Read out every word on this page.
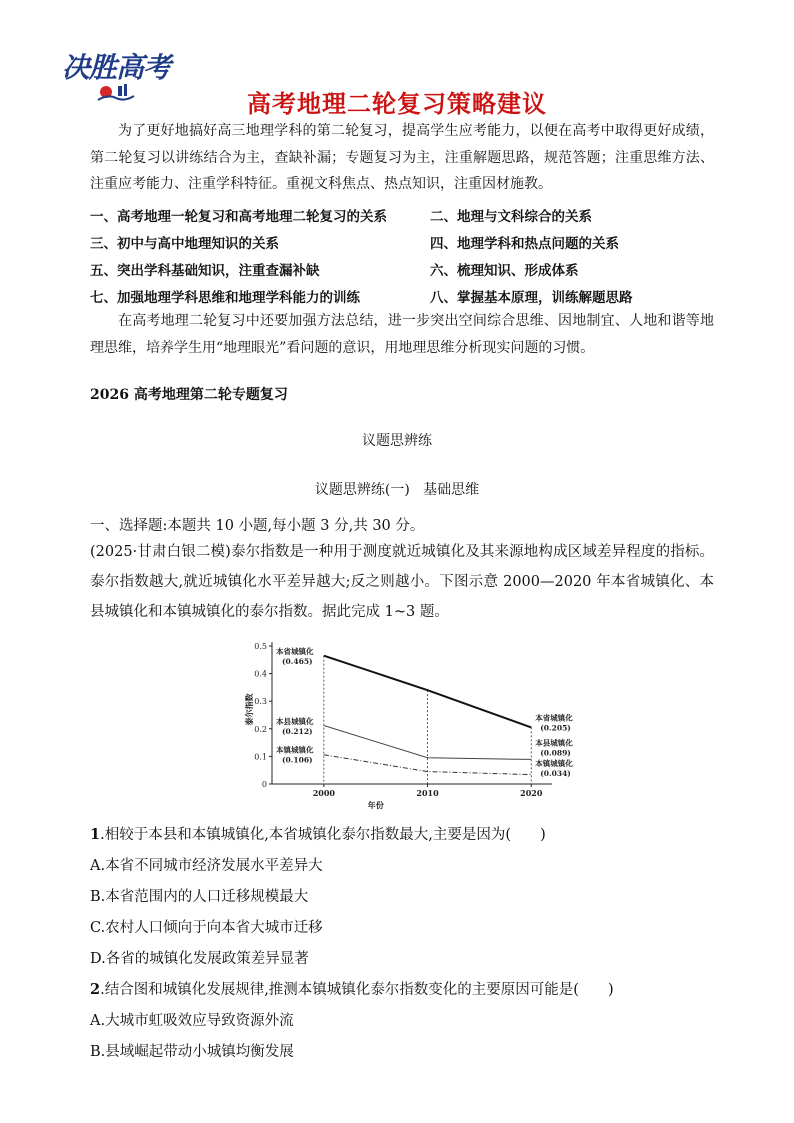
决胜高考
高考地理二轮复习策略建议
为了更好地搞好高三地理学科的第二轮复习，提高学生应考能力，以便在高考中取得更好成绩，第二轮复习以讲练结合为主，查缺补漏；专题复习为主，注重解题思路，规范答题；注重思维方法、注重应考能力、注重学科特征。重视文科焦点、热点知识，注重因材施教。
一、高考地理一轮复习和高考地理二轮复习的关系	二、地理与文科综合的关系
三、初中与高中地理知识的关系	四、地理学科和热点问题的关系
五、突出学科基础知识，注重查漏补缺	六、梳理知识、形成体系
七、加强地理学科思维和地理学科能力的训练	八、掌握基本原理，训练解题思路
在高考地理二轮复习中还要加强方法总结，进一步突出空间综合思维、因地制宜、人地和谐等地理思维，培养学生用“地理眼光”看问题的意识，用地理思维分析现实问题的习惯。
2026 高考地理第二轮专题复习
议题思辨练
议题思辨练(一)   基础思维
一、选择题:本题共 10 小题,每小题 3 分,共 30 分。
(2025·甘肃白银二模)泰尔指数是一种用于测度就近城镇化及其来源地构成区域差异程度的指标。泰尔指数越大,就近城镇化水平差异越大;反之则越小。下图示意 2000—2020 年本省城镇化、本县城镇化和本镇城镇化的泰尔指数。据此完成 1~3 题。
0
0.1
0.2
0.3
0.4
0.5
2000	2010	2020
年份
泰尔指数
本省城镇化
(0.465)
本县城镇化
(0.212)
本镇城镇化
(0.106)
本省城镇化
(0.205)
本县城镇化
(0.089)
本镇城镇化
(0.034)
1.相较于本县和本镇城镇化,本省城镇化泰尔指数最大,主要是因为(　　)
A.本省不同城市经济发展水平差异大
B.本省范围内的人口迁移规模最大
C.农村人口倾向于向本省大城市迁移
D.各省的城镇化发展政策差异显著
2.结合图和城镇化发展规律,推测本镇城镇化泰尔指数变化的主要原因可能是(　　)
A.大城市虹吸效应导致资源外流
B.县域崛起带动小城镇均衡发展
